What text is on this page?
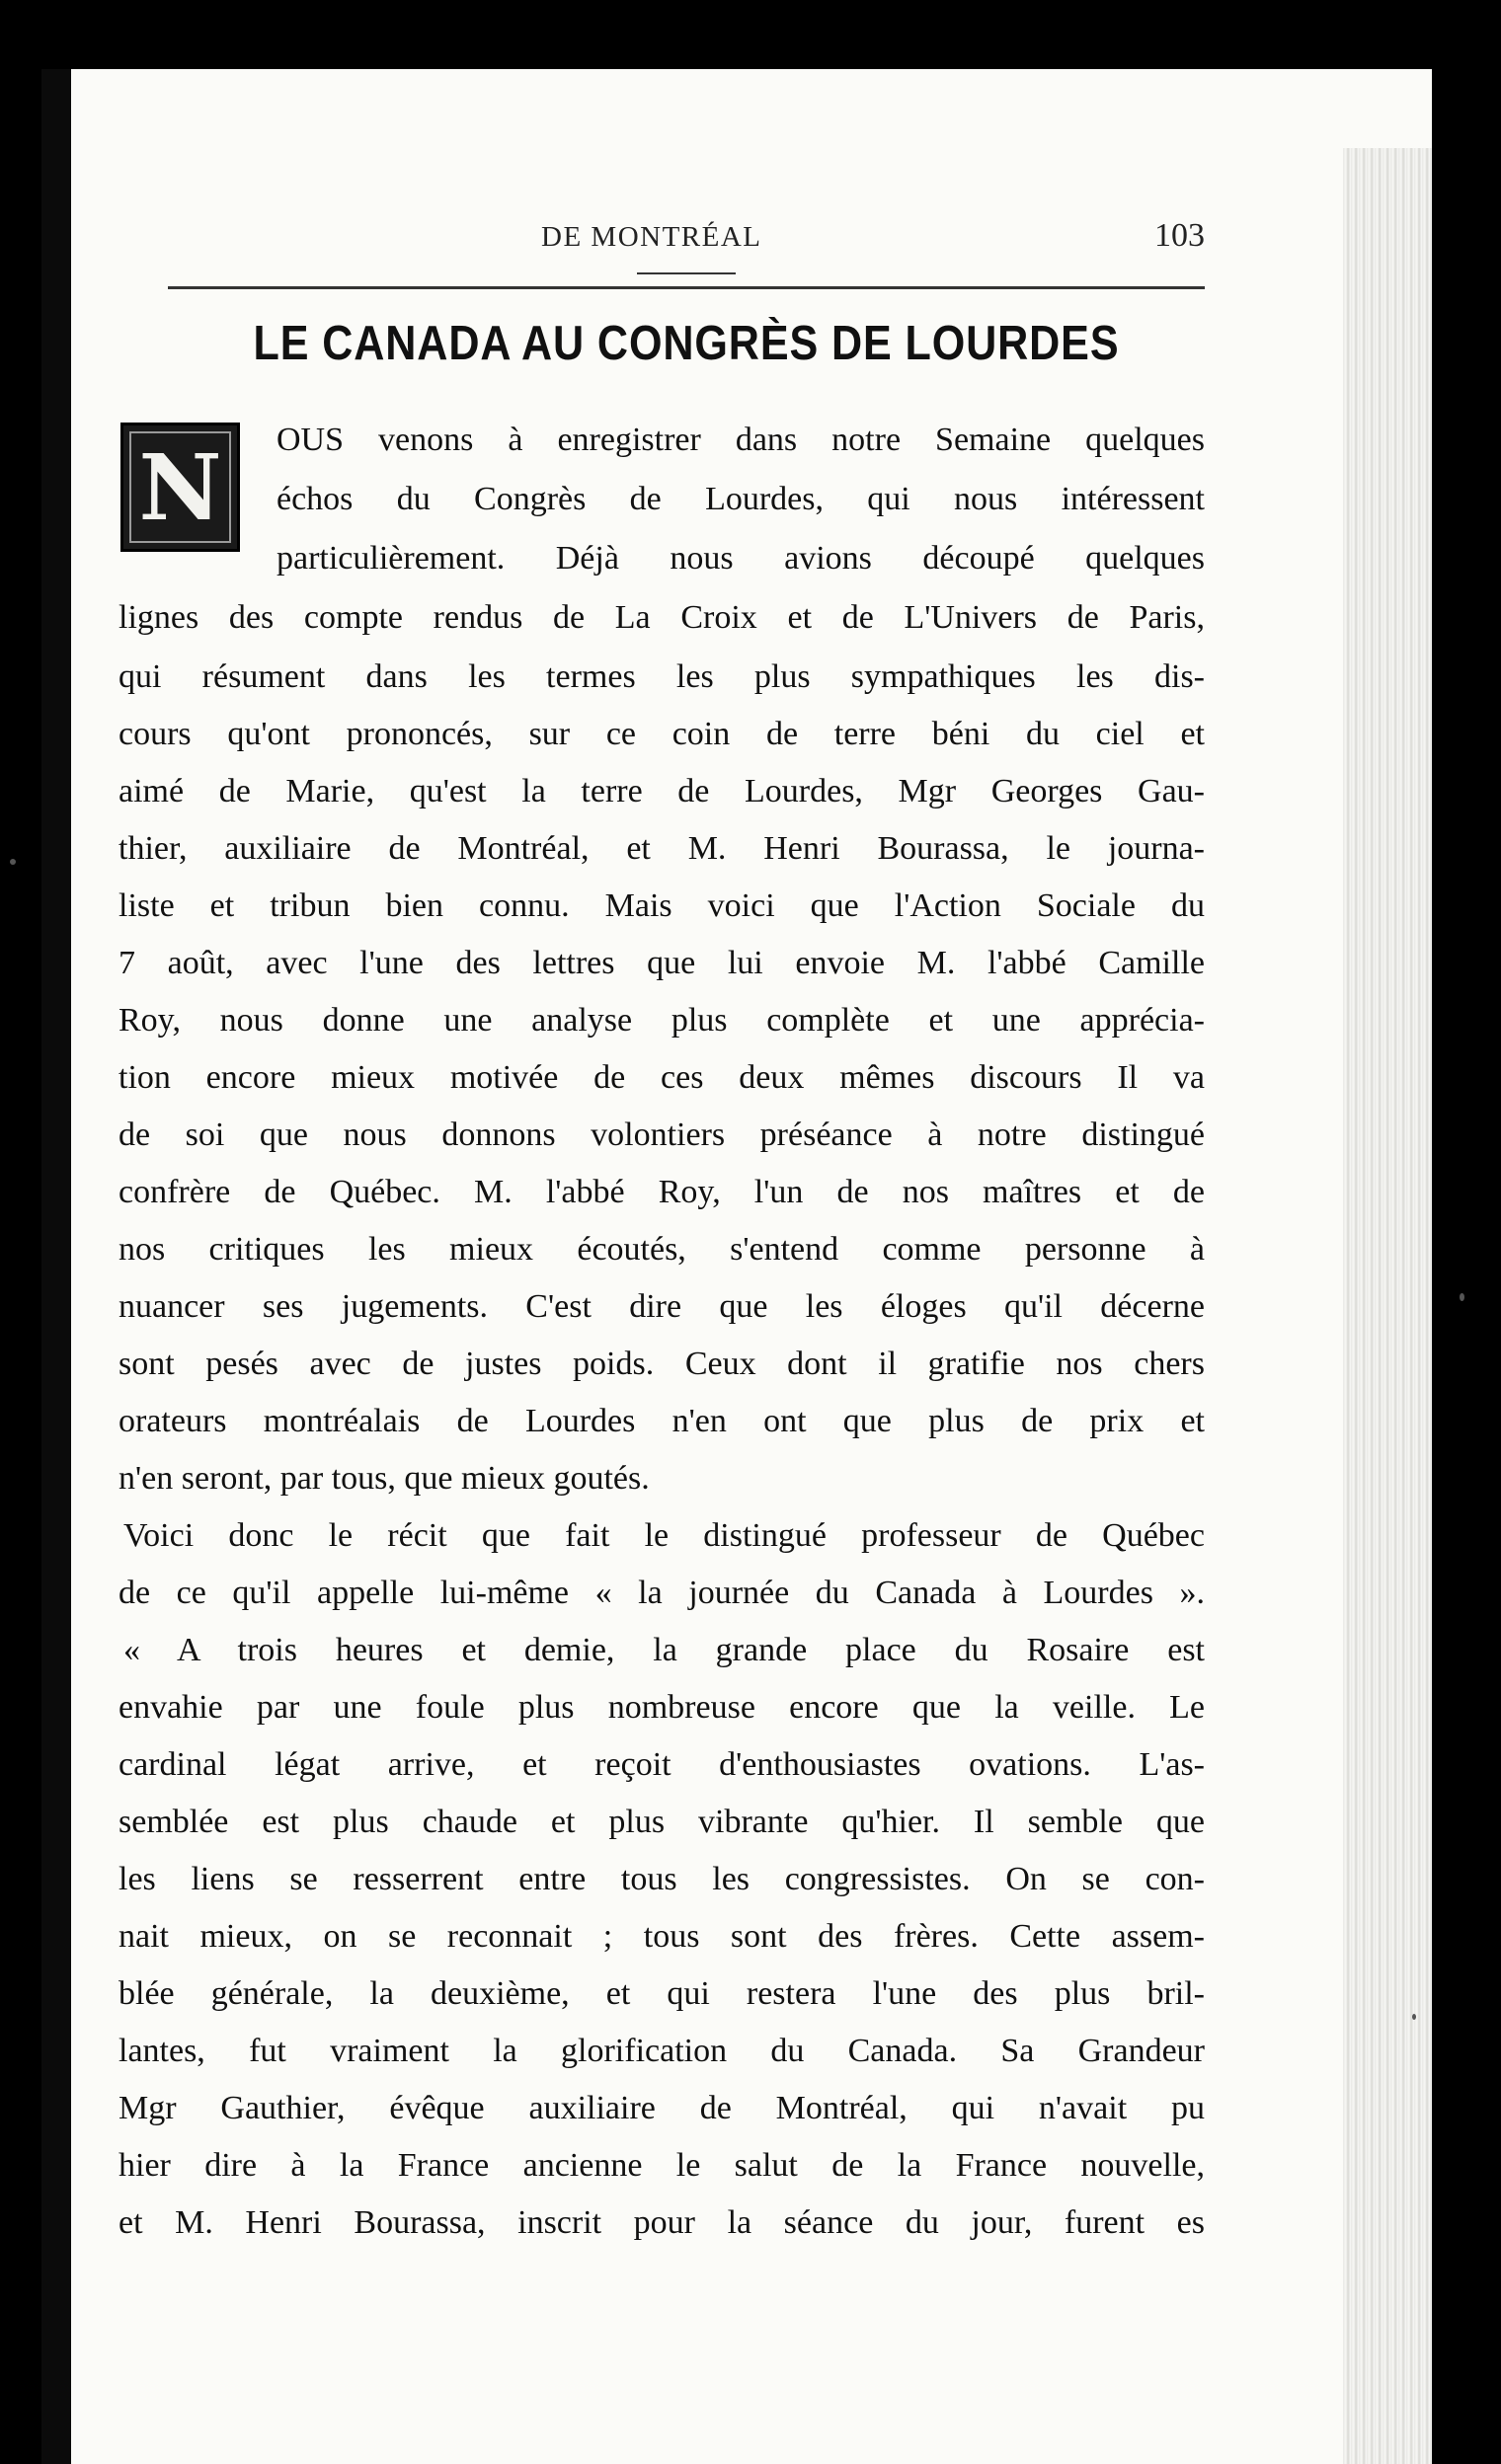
DE MONTRÉAL	103
LE CANADA AU CONGRÈS DE LOURDES
N	OUS venons à enregistrer dans notre Semaine quelques
échos du Congrès de Lourdes, qui nous intéressent
particulièrement. Déjà nous avions découpé quelques
lignes des compte rendus de La Croix et de L'Univers de Paris,
qui résument dans les termes les plus sympathiques les dis-
cours qu'ont prononcés, sur ce coin de terre béni du ciel et
aimé de Marie, qu'est la terre de Lourdes, Mgr Georges Gau-
thier, auxiliaire de Montréal, et M. Henri Bourassa, le journa-
liste et tribun bien connu. Mais voici que l'Action Sociale du
7 août, avec l'une des lettres que lui envoie M. l'abbé Camille
Roy, nous donne une analyse plus complète et une apprécia-
tion encore mieux motivée de ces deux mêmes discours Il va
de soi que nous donnons volontiers préséance à notre distingué
confrère de Québec. M. l'abbé Roy, l'un de nos maîtres et de
nos critiques les mieux écoutés, s'entend comme personne à
nuancer ses jugements. C'est dire que les éloges qu'il décerne
sont pesés avec de justes poids. Ceux dont il gratifie nos chers
orateurs montréalais de Lourdes n'en ont que plus de prix et
n'en seront, par tous, que mieux goutés.
Voici donc le récit que fait le distingué professeur de Québec
de ce qu'il appelle lui-même « la journée du Canada à Lourdes ».
« A trois heures et demie, la grande place du Rosaire est
envahie par une foule plus nombreuse encore que la veille. Le
cardinal légat arrive, et reçoit d'enthousiastes ovations. L'as-
semblée est plus chaude et plus vibrante qu'hier. Il semble que
les liens se resserrent entre tous les congressistes. On se con-
nait mieux, on se reconnait ; tous sont des frères. Cette assem-
blée générale, la deuxième, et qui restera l'une des plus bril-
lantes, fut vraiment la glorification du Canada. Sa Grandeur
Mgr Gauthier, évêque auxiliaire de Montréal, qui n'avait pu
hier dire à la France ancienne le salut de la France nouvelle,
et M. Henri Bourassa, inscrit pour la séance du jour, furent es
